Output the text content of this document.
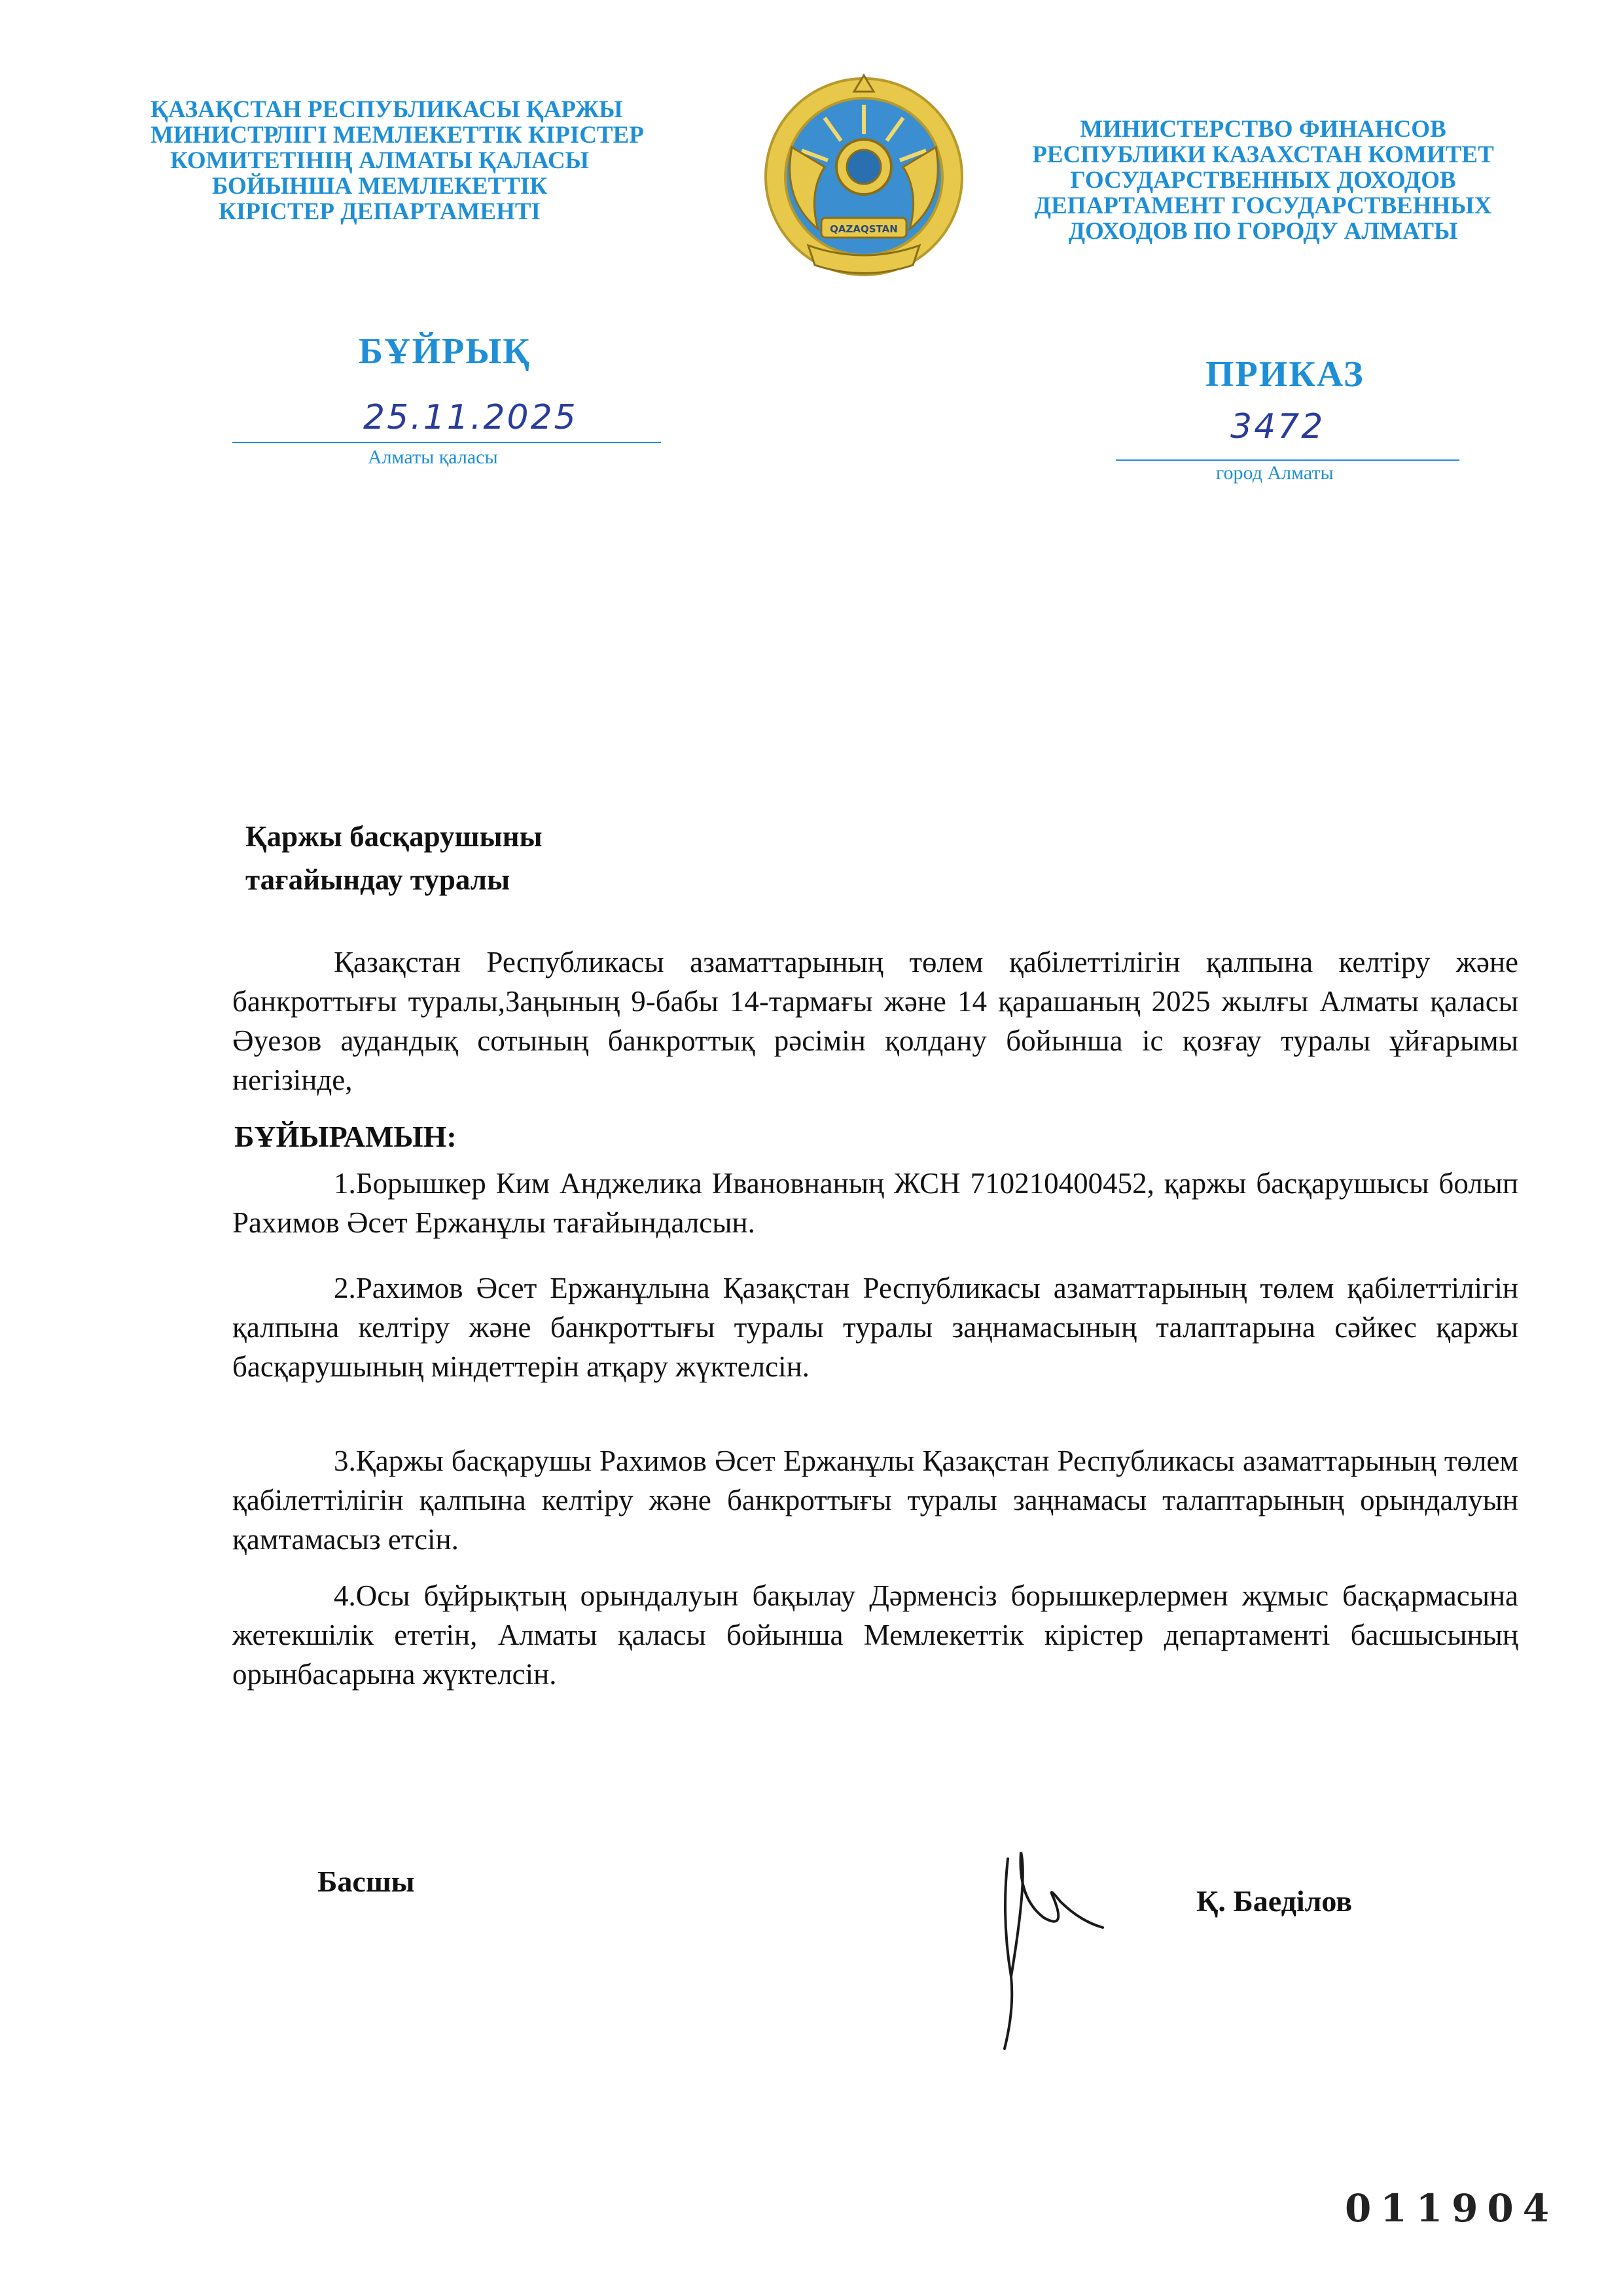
ҚАЗАҚСТАН РЕСПУБЛИКАСЫ ҚАРЖЫ
МИНИСТРЛІГІ МЕМЛЕКЕТТІК КІРІСТЕР
КОМИТЕТІНІҢ АЛМАТЫ ҚАЛАСЫ
БОЙЫНША МЕМЛЕКЕТТІК
КІРІСТЕР ДЕПАРТАМЕНТІ
QAZAQSTAN
МИНИСТЕРСТВО ФИНАНСОВ
РЕСПУБЛИКИ КАЗАХСТАН КОМИТЕТ
ГОСУДАРСТВЕННЫХ ДОХОДОВ
ДЕПАРТАМЕНТ ГОСУДАРСТВЕННЫХ
ДОХОДОВ ПО ГОРОДУ АЛМАТЫ
БҰЙРЫҚ
ПРИКАЗ
25.11.2025	3472
Алматы қаласы
город Алматы
Қаржы басқарушыны
тағайындау туралы
Қазақстан Республикасы азаматтарының төлем қабілеттілігін қалпына келтіру және банкроттығы туралы,Заңының 9-бабы 14-тармағы және 14 қарашаның 2025 жылғы Алматы қаласы Әуезов аудандық сотының банкроттық рәсімін қолдану бойынша іс қозғау туралы ұйғарымы негізінде,
БҰЙЫРАМЫН:
1.Борышкер Ким Анджелика Ивановнаның ЖСН 710210400452, қаржы басқарушысы болып Рахимов Әсет Ержанұлы тағайындалсын.
2.Рахимов Әсет Ержанұлына Қазақстан Республикасы азаматтарының төлем қабілеттілігін қалпына келтіру және банкроттығы туралы туралы заңнамасының талаптарына сәйкес қаржы басқарушының міндеттерін атқару жүктелсін.
3.Қаржы басқарушы Рахимов Әсет Ержанұлы Қазақстан Республикасы азаматтарының төлем қабілеттілігін қалпына келтіру және банкроттығы туралы заңнамасы талаптарының орындалуын қамтамасыз етсін.
4.Осы бұйрықтың орындалуын бақылау Дәрменсіз борышкерлермен жұмыс басқармасына жетекшілік ететін, Алматы қаласы бойынша Мемлекеттік кірістер департаменті басшысының орынбасарына жүктелсін.
Басшы
Қ. Баеділов
011904
